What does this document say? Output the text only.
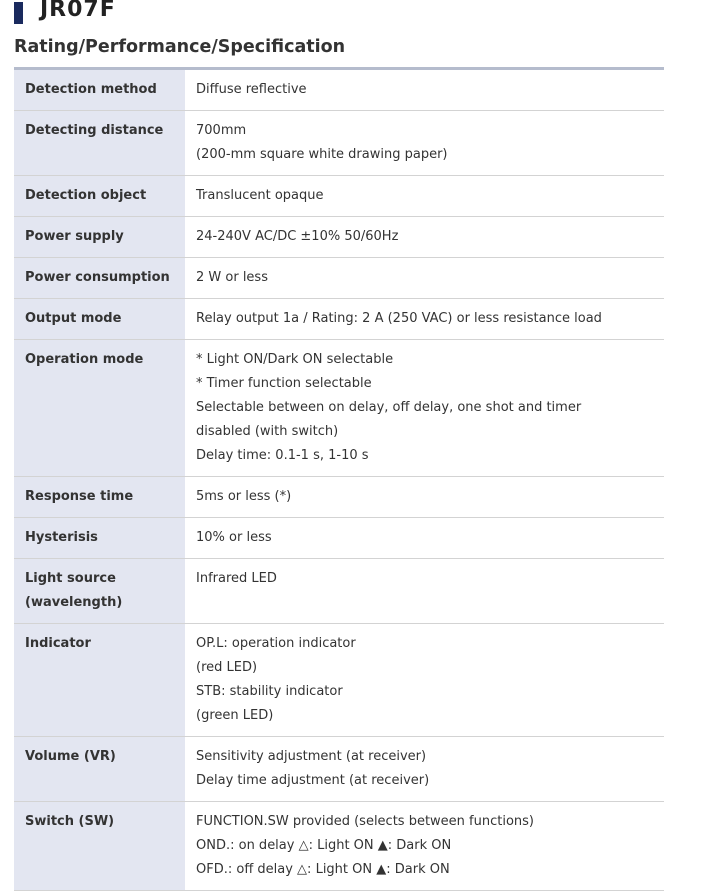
JR07F
Rating/Performance/Specification
Detection method	Diffuse reflective

Detecting distance	700mm
(200-mm square white drawing paper)

Detection object	Translucent opaque

Power supply	24-240V AC/DC ±10% 50/60Hz

Power consumption	2 W or less

Output mode	Relay output 1a / Rating: 2 A (250 VAC) or less resistance load

Operation mode	* Light ON/Dark ON selectable
* Timer function selectable
Selectable between on delay, off delay, one shot and timer
disabled (with switch)
Delay time: 0.1-1 s, 1-10 s

Response time	5ms or less (*)

Hysterisis	10% or less

Light source
(wavelength)	Infrared LED

Indicator	OP.L: operation indicator
(red LED)
STB: stability indicator
(green LED)

Volume (VR)	Sensitivity adjustment (at receiver)
Delay time adjustment (at receiver)

Switch (SW)	FUNCTION.SW provided (selects between functions)
OND.: on delay △: Light ON ▲: Dark ON
OFD.: off delay △: Light ON ▲: Dark ON
